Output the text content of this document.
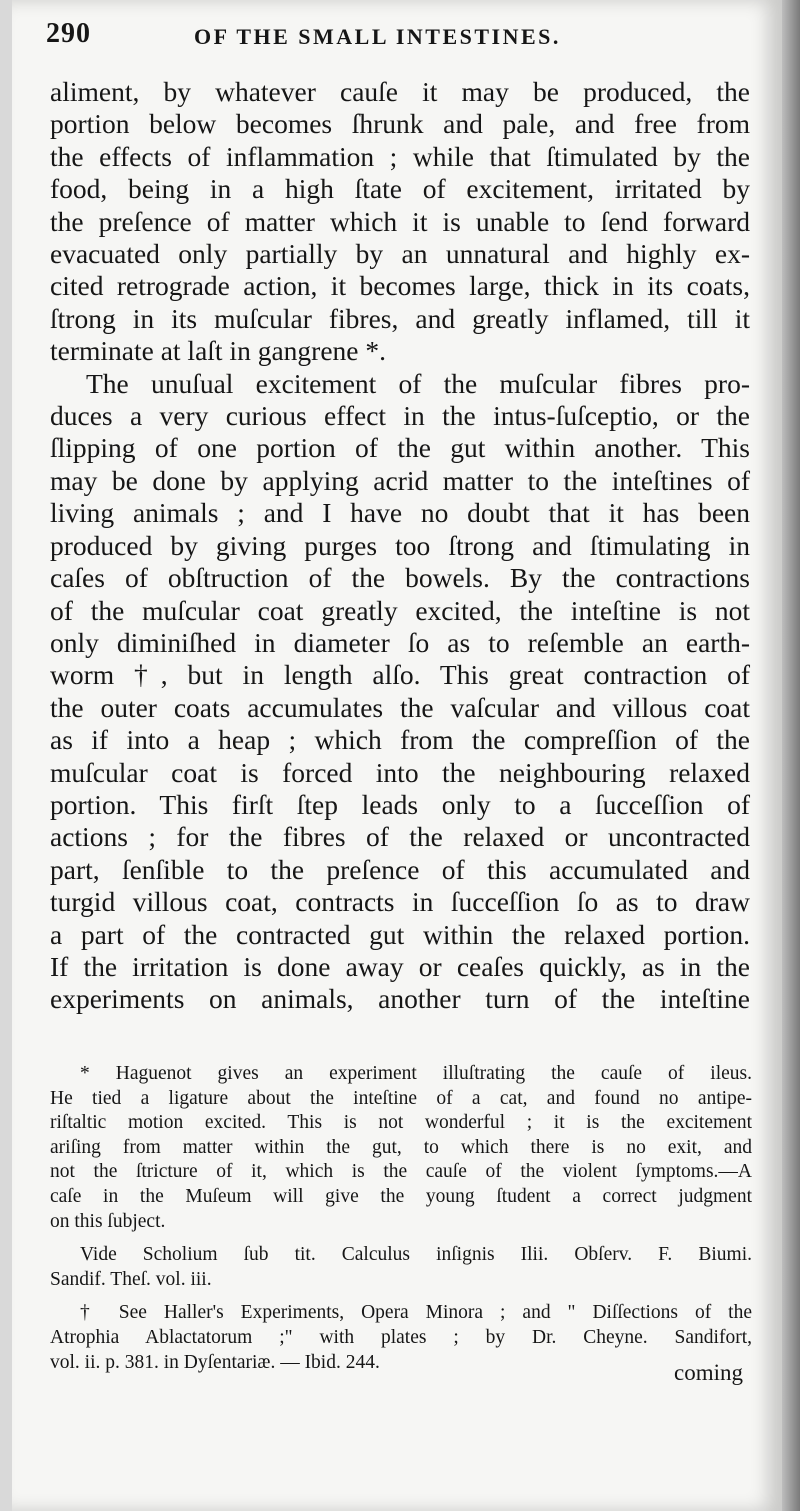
290	OF THE SMALL INTESTINES.
aliment, by whatever cauſe it may be produced, the
portion below becomes ſhrunk and pale, and free from
the effects of inflammation ; while that ſtimulated by the
food, being in a high ſtate of excitement, irritated by
the preſence of matter which it is unable to ſend forward
evacuated only partially by an unnatural and highly ex-
cited retrograde action, it becomes large, thick in its coats,
ſtrong in its muſcular fibres, and greatly inflamed, till it
terminate at laſt in gangrene *.
The unuſual excitement of the muſcular fibres pro-
duces a very curious effect in the intus-ſuſceptio, or the
ſlipping of one portion of the gut within another. This
may be done by applying acrid matter to the inteſtines of
living animals ; and I have no doubt that it has been
produced by giving purges too ſtrong and ſtimulating in
caſes of obſtruction of the bowels. By the contractions
of the muſcular coat greatly excited, the inteſtine is not
only diminiſhed in diameter ſo as to reſemble an earth-
worm †, but in length alſo. This great contraction of
the outer coats accumulates the vaſcular and villous coat
as if into a heap ; which from the compreſſion of the
muſcular coat is forced into the neighbouring relaxed
portion. This firſt ſtep leads only to a ſucceſſion of
actions ; for the fibres of the relaxed or uncontracted
part, ſenſible to the preſence of this accumulated and
turgid villous coat, contracts in ſucceſſion ſo as to draw
a part of the contracted gut within the relaxed portion.
If the irritation is done away or ceaſes quickly, as in the
experiments on animals, another turn of the inteſtine
* Haguenot gives an experiment illuſtrating the cauſe of ileus.
He tied a ligature about the inteſtine of a cat, and found no antipe-
riſtaltic motion excited. This is not wonderful ; it is the excitement
ariſing from matter within the gut, to which there is no exit, and
not the ſtricture of it, which is the cauſe of the violent ſymptoms.—A
caſe in the Muſeum will give the young ſtudent a correct judgment
on this ſubject.
Vide Scholium ſub tit. Calculus inſignis Ilii. Obſerv. F. Biumi.
Sandif. Theſ. vol. iii.
† See Haller's Experiments, Opera Minora ; and " Diſſections of the
Atrophia Ablactatorum ;" with plates ; by Dr. Cheyne. Sandifort,
vol. ii. p. 381. in Dyſentariæ. — Ibid. 244.	coming
